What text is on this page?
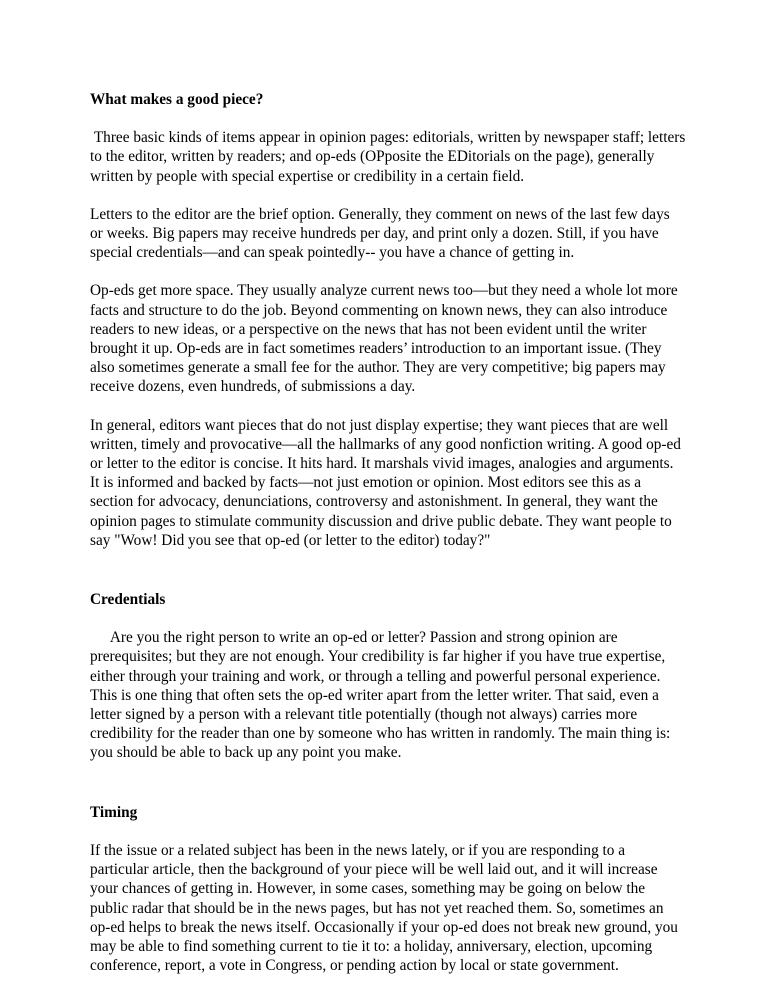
What makes a good piece?

Three basic kinds of items appear in opinion pages: editorials, written by newspaper staff; letters to the editor, written by readers; and op-eds (OPposite the EDitorials on the page), generally written by people with special expertise or credibility in a certain field.

Letters to the editor are the brief option. Generally, they comment on news of the last few days or weeks. Big papers may receive hundreds per day, and print only a dozen. Still, if you have special credentials—and can speak pointedly-- you have a chance of getting in.

Op-eds get more space. They usually analyze current news too—but they need a whole lot more facts and structure to do the job. Beyond commenting on known news, they can also introduce readers to new ideas, or a perspective on the news that has not been evident until the writer brought it up. Op-eds are in fact sometimes readers’ introduction to an important issue. (They also sometimes generate a small fee for the author. They are very competitive; big papers may receive dozens, even hundreds, of submissions a day.

In general, editors want pieces that do not just display expertise; they want pieces that are well written, timely and provocative—all the hallmarks of any good nonfiction writing. A good op-ed or letter to the editor is concise. It hits hard. It marshals vivid images, analogies and arguments. It is informed and backed by facts—not just emotion or opinion. Most editors see this as a section for advocacy, denunciations, controversy and astonishment. In general, they want the opinion pages to stimulate community discussion and drive public debate. They want people to say "Wow! Did you see that op-ed (or letter to the editor) today?"

Credentials

Are you the right person to write an op-ed or letter? Passion and strong opinion are prerequisites; but they are not enough. Your credibility is far higher if you have true expertise, either through your training and work, or through a telling and powerful personal experience. This is one thing that often sets the op-ed writer apart from the letter writer. That said, even a letter signed by a person with a relevant title potentially (though not always) carries more credibility for the reader than one by someone who has written in randomly. The main thing is: you should be able to back up any point you make.

Timing

If the issue or a related subject has been in the news lately, or if you are responding to a particular article, then the background of your piece will be well laid out, and it will increase your chances of getting in. However, in some cases, something may be going on below the public radar that should be in the news pages, but has not yet reached them. So, sometimes an op-ed helps to break the news itself. Occasionally if your op-ed does not break new ground, you may be able to find something current to tie it to: a holiday, anniversary, election, upcoming conference, report, a vote in Congress, or pending action by local or state government.
